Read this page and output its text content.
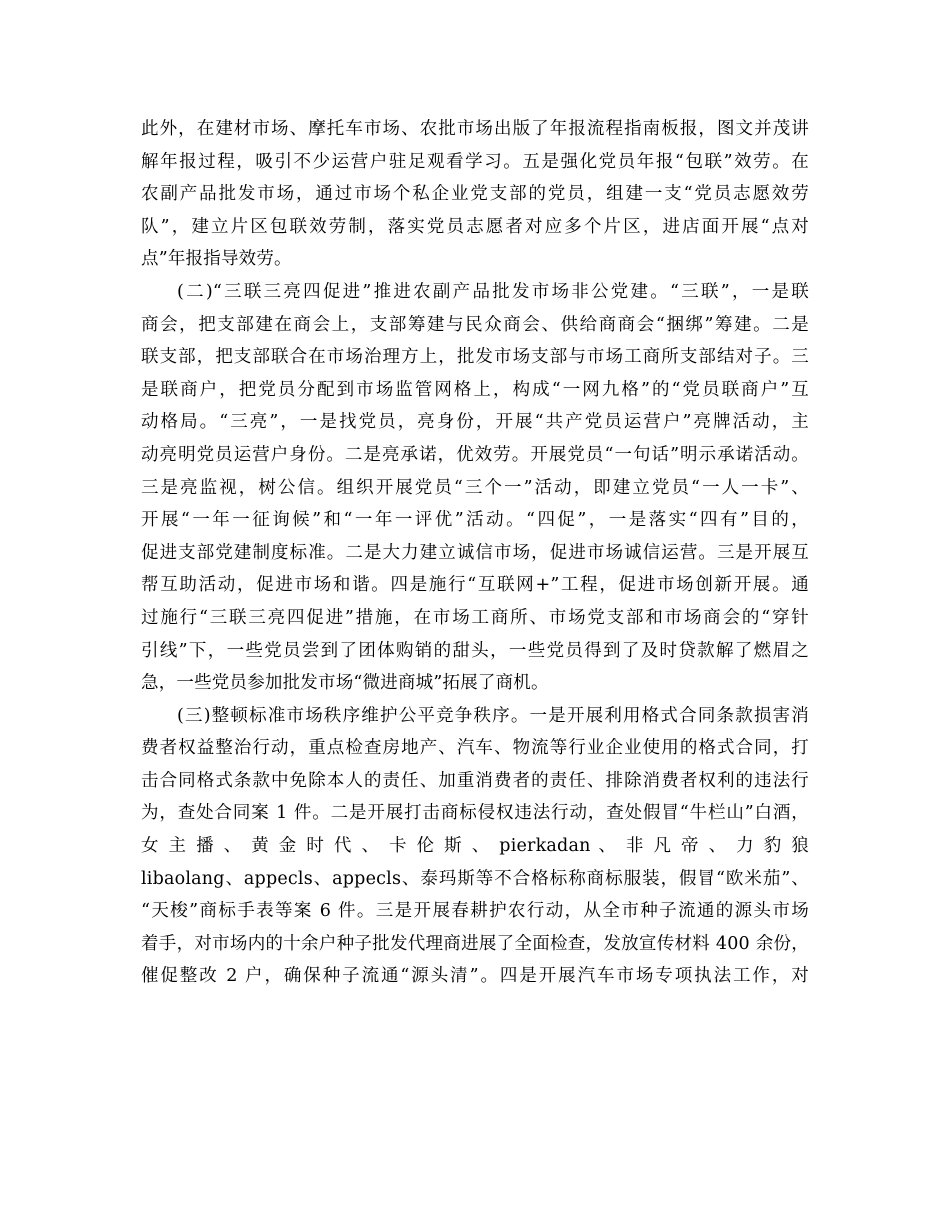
此外，在建材市场、摩托车市场、农批市场出版了年报流程指南板报，图文并茂讲
解年报过程，吸引不少运营户驻足观看学习。五是强化党员年报“包联”效劳。在
农副产品批发市场，通过市场个私企业党支部的党员，组建一支“党员志愿效劳
队”，建立片区包联效劳制，落实党员志愿者对应多个片区，进店面开展“点对
点”年报指导效劳。
(二)“三联三亮四促进”推进农副产品批发市场非公党建。“三联”，一是联
商会，把支部建在商会上，支部筹建与民众商会、供给商商会“捆绑”筹建。二是
联支部，把支部联合在市场治理方上，批发市场支部与市场工商所支部结对子。三
是联商户，把党员分配到市场监管网格上，构成“一网九格”的“党员联商户”互
动格局。“三亮”，一是找党员，亮身份，开展“共产党员运营户”亮牌活动，主
动亮明党员运营户身份。二是亮承诺，优效劳。开展党员“一句话”明示承诺活动。
三是亮监视，树公信。组织开展党员“三个一”活动，即建立党员“一人一卡”、
开展“一年一征询候”和“一年一评优”活动。“四促”，一是落实“四有”目的，
促进支部党建制度标准。二是大力建立诚信市场，促进市场诚信运营。三是开展互
帮互助活动，促进市场和谐。四是施行“互联网+”工程，促进市场创新开展。通
过施行“三联三亮四促进”措施，在市场工商所、市场党支部和市场商会的“穿针
引线”下，一些党员尝到了团体购销的甜头，一些党员得到了及时贷款解了燃眉之
急，一些党员参加批发市场“微进商城”拓展了商机。
(三)整顿标准市场秩序维护公平竞争秩序。一是开展利用格式合同条款损害消
费者权益整治行动，重点检查房地产、汽车、物流等行业企业使用的格式合同，打
击合同格式条款中免除本人的责任、加重消费者的责任、排除消费者权利的违法行
为，查处合同案 1 件。二是开展打击商标侵权违法行动，查处假冒“牛栏山”白酒，
女 主 播 、 黄 金 时 代 、 卡 伦 斯 、 pierkadan 、 非 凡 帝 、 力 豹 狼
libaolang、appecls、appecls、泰玛斯等不合格标称商标服装，假冒“欧米茄”、
“天梭”商标手表等案 6 件。三是开展春耕护农行动，从全市种子流通的源头市场
着手，对市场内的十余户种子批发代理商进展了全面检查，发放宣传材料 400 余份，
催促整改 2 户，确保种子流通“源头清”。四是开展汽车市场专项执法工作，对
